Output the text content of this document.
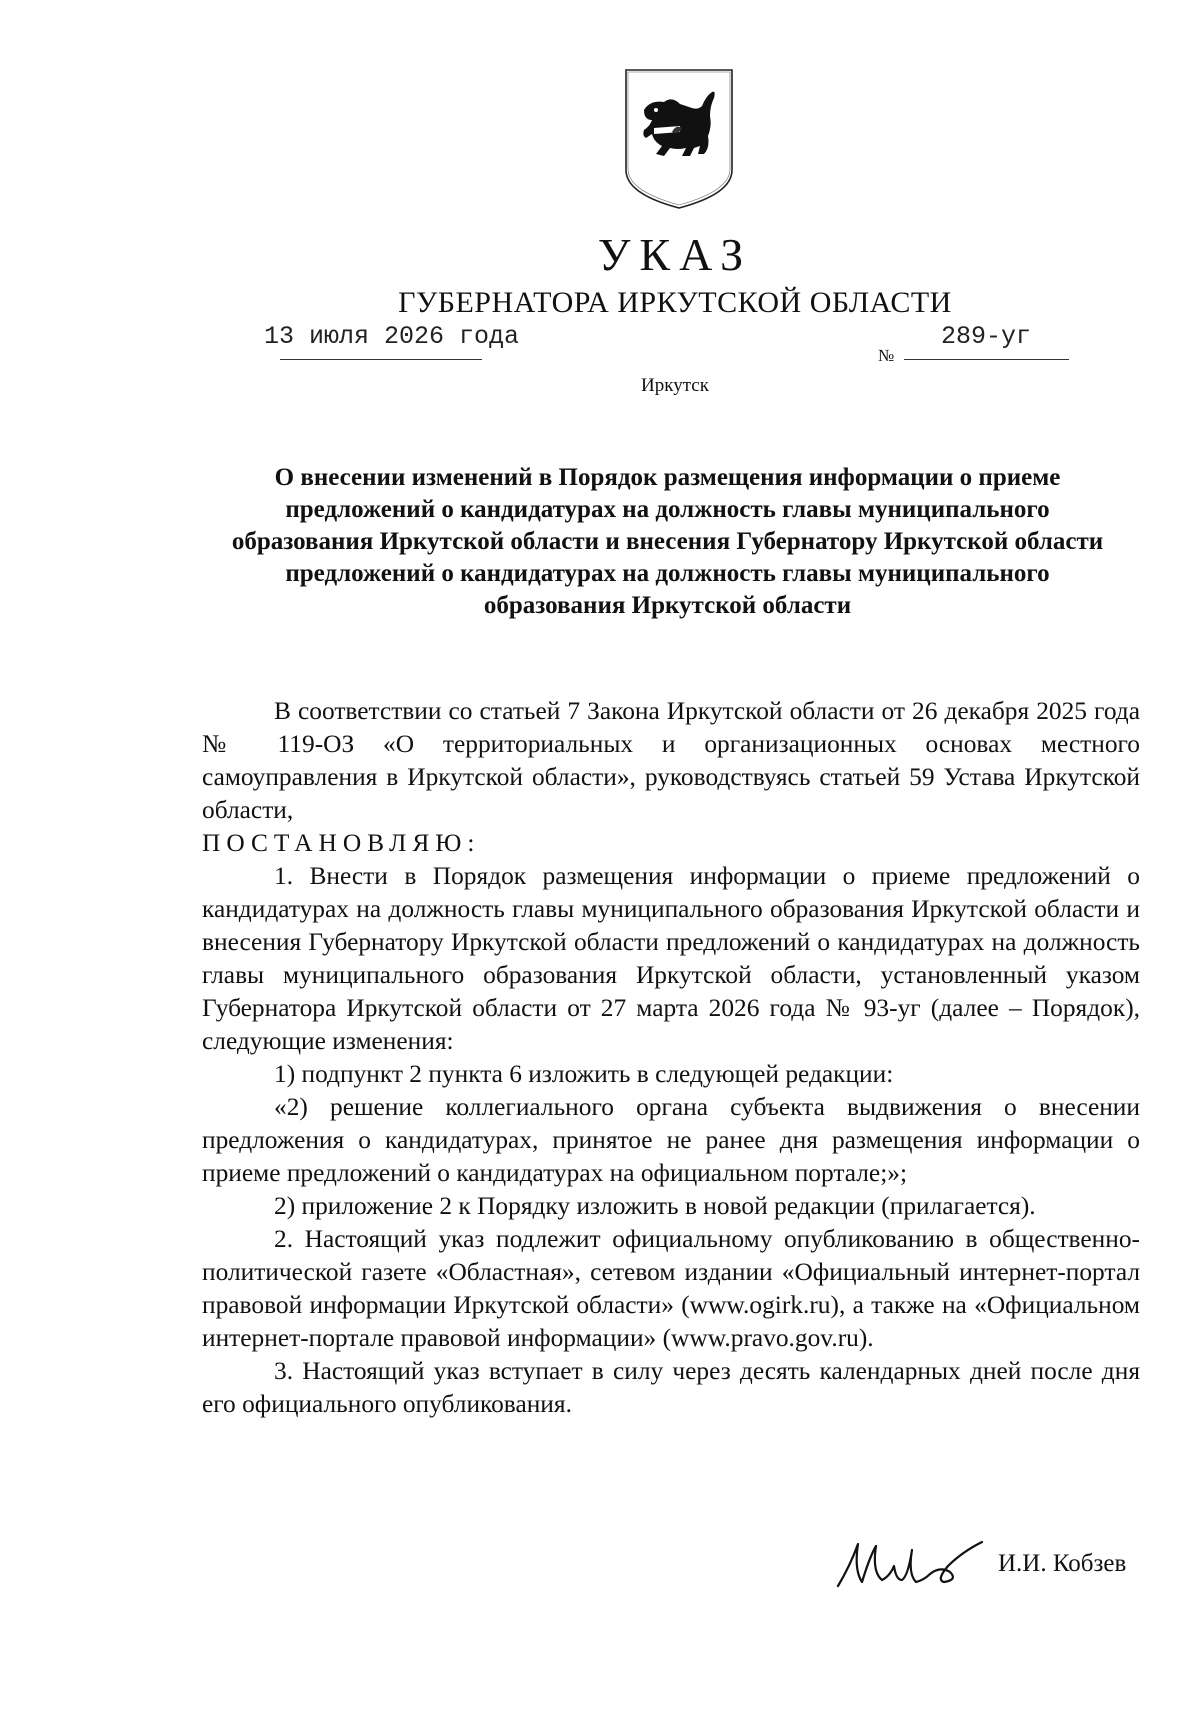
УКАЗ
ГУБЕРНАТОРА ИРКУТСКОЙ ОБЛАСТИ
13 июля 2026 года
№
289-уг
Иркутск
О внесении изменений в Порядок размещения информации о приеме предложений о кандидатурах на должность главы муниципального образования Иркутской области и внесения Губернатору Иркутской области предложений о кандидатурах на должность главы муниципального образования Иркутской области

В соответствии со статьей 7 Закона Иркутской области от 26 декабря 2025 года № 119-ОЗ «О территориальных и организационных основах местного самоуправления в Иркутской области», руководствуясь статьей 59 Устава Иркутской области,

ПОСТАНОВЛЯЮ:

1. Внести в Порядок размещения информации о приеме предложений о кандидатурах на должность главы муниципального образования Иркутской области и внесения Губернатору Иркутской области предложений о кандидатурах на должность главы муниципального образования Иркутской области, установленный указом Губернатора Иркутской области от 27 марта 2026 года № 93-уг (далее – Порядок), следующие изменения:

1) подпункт 2 пункта 6 изложить в следующей редакции:

«2) решение коллегиального органа субъекта выдвижения о внесении предложения о кандидатурах, принятое не ранее дня размещения информации о приеме предложений о кандидатурах на официальном портале;»;

2) приложение 2 к Порядку изложить в новой редакции (прилагается).

2. Настоящий указ подлежит официальному опубликованию в общественно-политической газете «Областная», сетевом издании «Официальный интернет-портал правовой информации Иркутской области» (www.ogirk.ru), а также на «Официальном интернет-портале правовой информации» (www.pravo.gov.ru).

3. Настоящий указ вступает в силу через десять календарных дней после дня его официального опубликования.

И.И. Кобзев
